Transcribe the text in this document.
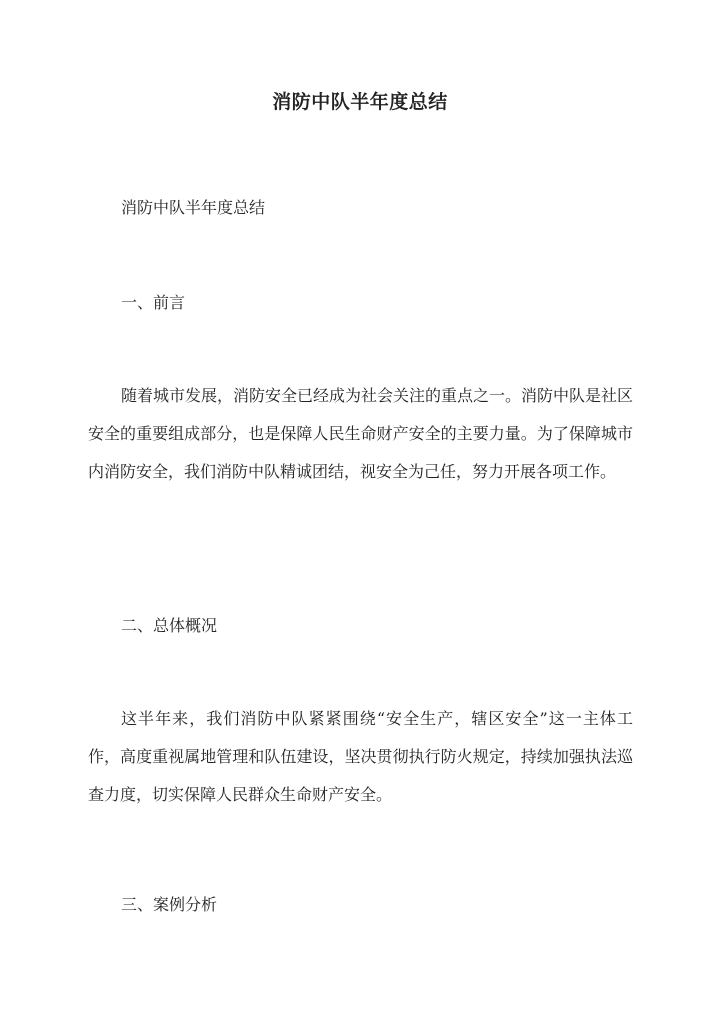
消防中队半年度总结
消防中队半年度总结
一、前言
随着城市发展，消防安全已经成为社会关注的重点之一。消防中队是社区安全的重要组成部分，也是保障人民生命财产安全的主要力量。为了保障城市内消防安全，我们消防中队精诚团结，视安全为己任，努力开展各项工作。
二、总体概况
这半年来，我们消防中队紧紧围绕“安全生产，辖区安全”这一主体工作，高度重视属地管理和队伍建设，坚决贯彻执行防火规定，持续加强执法巡查力度，切实保障人民群众生命财产安全。
三、案例分析
